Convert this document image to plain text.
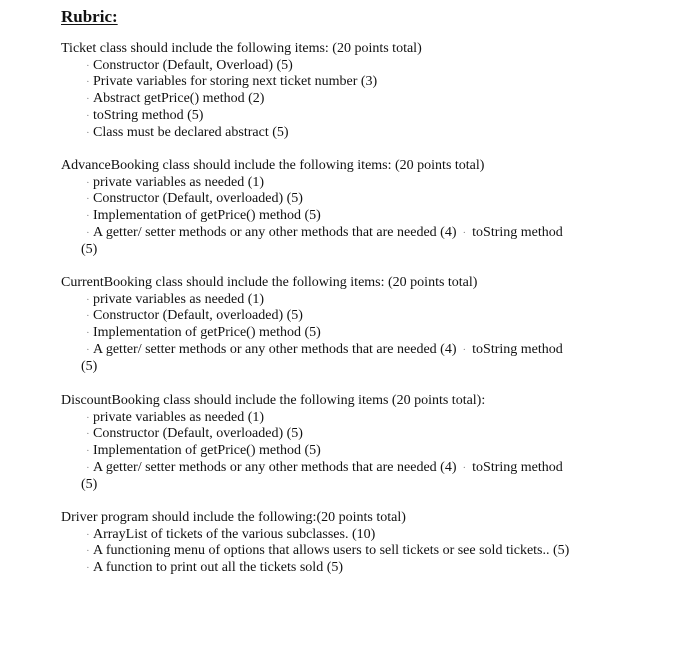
Rubric:
Ticket class should include the following items: (20 points total)
· Constructor (Default, Overload) (5)
· Private variables for storing next ticket number (3)
· Abstract getPrice() method (2)
· toString method (5)
· Class must be declared abstract (5)
AdvanceBooking class should include the following items: (20 points total)
· private variables as needed (1)
· Constructor (Default, overloaded) (5)
· Implementation of getPrice() method (5)
· A getter/ setter methods or any other methods that are needed (4) · toString method
(5)
CurrentBooking class should include the following items: (20 points total)
· private variables as needed (1)
· Constructor (Default, overloaded) (5)
· Implementation of getPrice() method (5)
· A getter/ setter methods or any other methods that are needed (4) · toString method
(5)
DiscountBooking class should include the following items (20 points total):
· private variables as needed (1)
· Constructor (Default, overloaded) (5)
· Implementation of getPrice() method (5)
· A getter/ setter methods or any other methods that are needed (4) · toString method
(5)
Driver program should include the following:(20 points total)
· ArrayList of tickets of the various subclasses. (10)
· A functioning menu of options that allows users to sell tickets or see sold tickets.. (5)
· A function to print out all the tickets sold (5)
